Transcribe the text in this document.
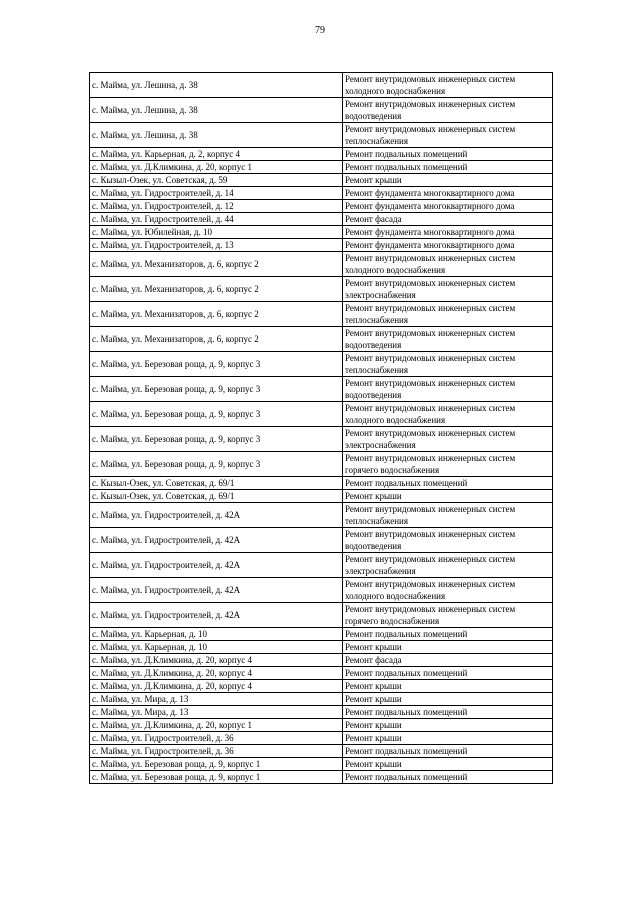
79
с. Майма, ул. Лешина, д. 38	Ремонт внутридомовых инженерных систем холодного водоснабжения
с. Майма, ул. Лешина, д. 38	Ремонт внутридомовых инженерных систем водоотведения
с. Майма, ул. Лешина, д. 38	Ремонт внутридомовых инженерных систем теплоснабжения
с. Майма, ул. Карьерная, д. 2, корпус 4	Ремонт подвальных помещений
с. Майма, ул. Д.Климкина, д. 20, корпус 1	Ремонт подвальных помещений
с. Кызыл-Озек, ул. Советская, д. 59	Ремонт крыши
с. Майма, ул. Гидростроителей, д. 14	Ремонт фундамента многоквартирного дома
с. Майма, ул. Гидростроителей, д. 12	Ремонт фундамента многоквартирного дома
с. Майма, ул. Гидростроителей, д. 44	Ремонт фасада
с. Майма, ул. Юбилейная, д. 10	Ремонт фундамента многоквартирного дома
с. Майма, ул. Гидростроителей, д. 13	Ремонт фундамента многоквартирного дома
с. Майма, ул. Механизаторов, д. 6, корпус 2	Ремонт внутридомовых инженерных систем холодного водоснабжения
с. Майма, ул. Механизаторов, д. 6, корпус 2	Ремонт внутридомовых инженерных систем электроснабжения
с. Майма, ул. Механизаторов, д. 6, корпус 2	Ремонт внутридомовых инженерных систем теплоснабжения
с. Майма, ул. Механизаторов, д. 6, корпус 2	Ремонт внутридомовых инженерных систем водоотведения
с. Майма, ул. Березовая роща, д. 9, корпус 3	Ремонт внутридомовых инженерных систем теплоснабжения
с. Майма, ул. Березовая роща, д. 9, корпус 3	Ремонт внутридомовых инженерных систем водоотведения
с. Майма, ул. Березовая роща, д. 9, корпус 3	Ремонт внутридомовых инженерных систем холодного водоснабжения
с. Майма, ул. Березовая роща, д. 9, корпус 3	Ремонт внутридомовых инженерных систем электроснабжения
с. Майма, ул. Березовая роща, д. 9, корпус 3	Ремонт внутридомовых инженерных систем горячего водоснабжения
с. Кызыл-Озек, ул. Советская, д. 69/1	Ремонт подвальных помещений
с. Кызыл-Озек, ул. Советская, д. 69/1	Ремонт крыши
с. Майма, ул. Гидростроителей, д. 42А	Ремонт внутридомовых инженерных систем теплоснабжения
с. Майма, ул. Гидростроителей, д. 42А	Ремонт внутридомовых инженерных систем водоотведения
с. Майма, ул. Гидростроителей, д. 42А	Ремонт внутридомовых инженерных систем электроснабжения
с. Майма, ул. Гидростроителей, д. 42А	Ремонт внутридомовых инженерных систем холодного водоснабжения
с. Майма, ул. Гидростроителей, д. 42А	Ремонт внутридомовых инженерных систем горячего водоснабжения
с. Майма, ул. Карьерная, д. 10	Ремонт подвальных помещений
с. Майма, ул. Карьерная, д. 10	Ремонт крыши
с. Майма, ул. Д.Климкина, д. 20, корпус 4	Ремонт фасада
с. Майма, ул. Д.Климкина, д. 20, корпус 4	Ремонт подвальных помещений
с. Майма, ул. Д.Климкина, д. 20, корпус 4	Ремонт крыши
с. Майма, ул. Мира, д. 13	Ремонт крыши
с. Майма, ул. Мира, д. 13	Ремонт подвальных помещений
с. Майма, ул. Д.Климкина, д. 20, корпус 1	Ремонт крыши
с. Майма, ул. Гидростроителей, д. 36	Ремонт крыши
с. Майма, ул. Гидростроителей, д. 36	Ремонт подвальных помещений
с. Майма, ул. Березовая роща, д. 9, корпус 1	Ремонт крыши
с. Майма, ул. Березовая роща, д. 9, корпус 1	Ремонт подвальных помещений
